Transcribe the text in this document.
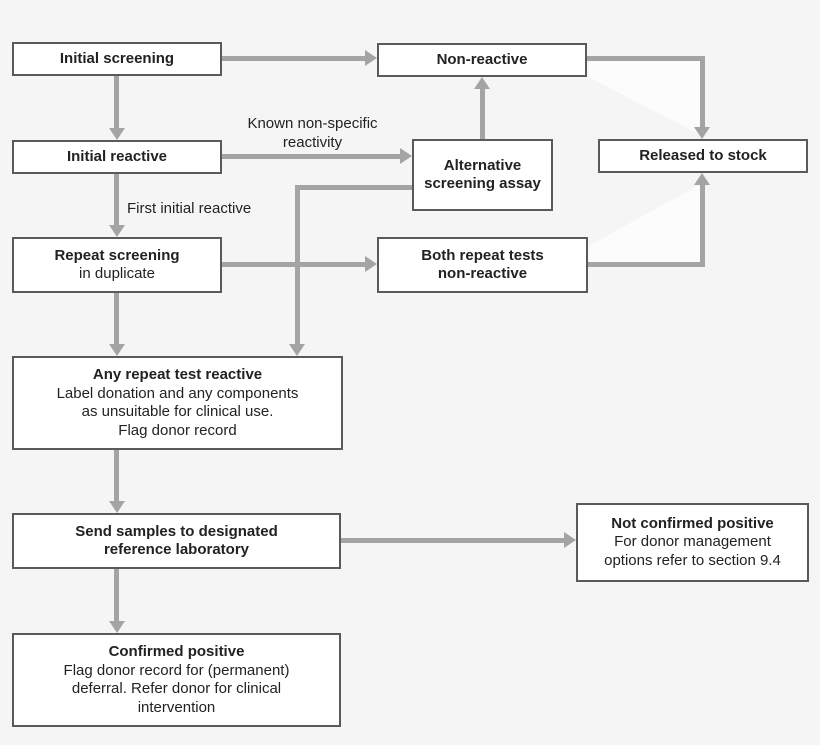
Known non-specific reactivity
First initial reactive
Initial screening	Non-reactive
Initial reactive
Alternative
screening assay
Released to stock
Repeat screening
in duplicate
Both repeat tests
non-reactive
Any repeat test reactive
Label donation and any components
as unsuitable for clinical use.
Flag donor record
Send samples to designated
reference laboratory
Not confirmed positive
For donor management
options refer to section 9.4
Confirmed positive
Flag donor record for (permanent)
deferral. Refer donor for clinical
intervention
